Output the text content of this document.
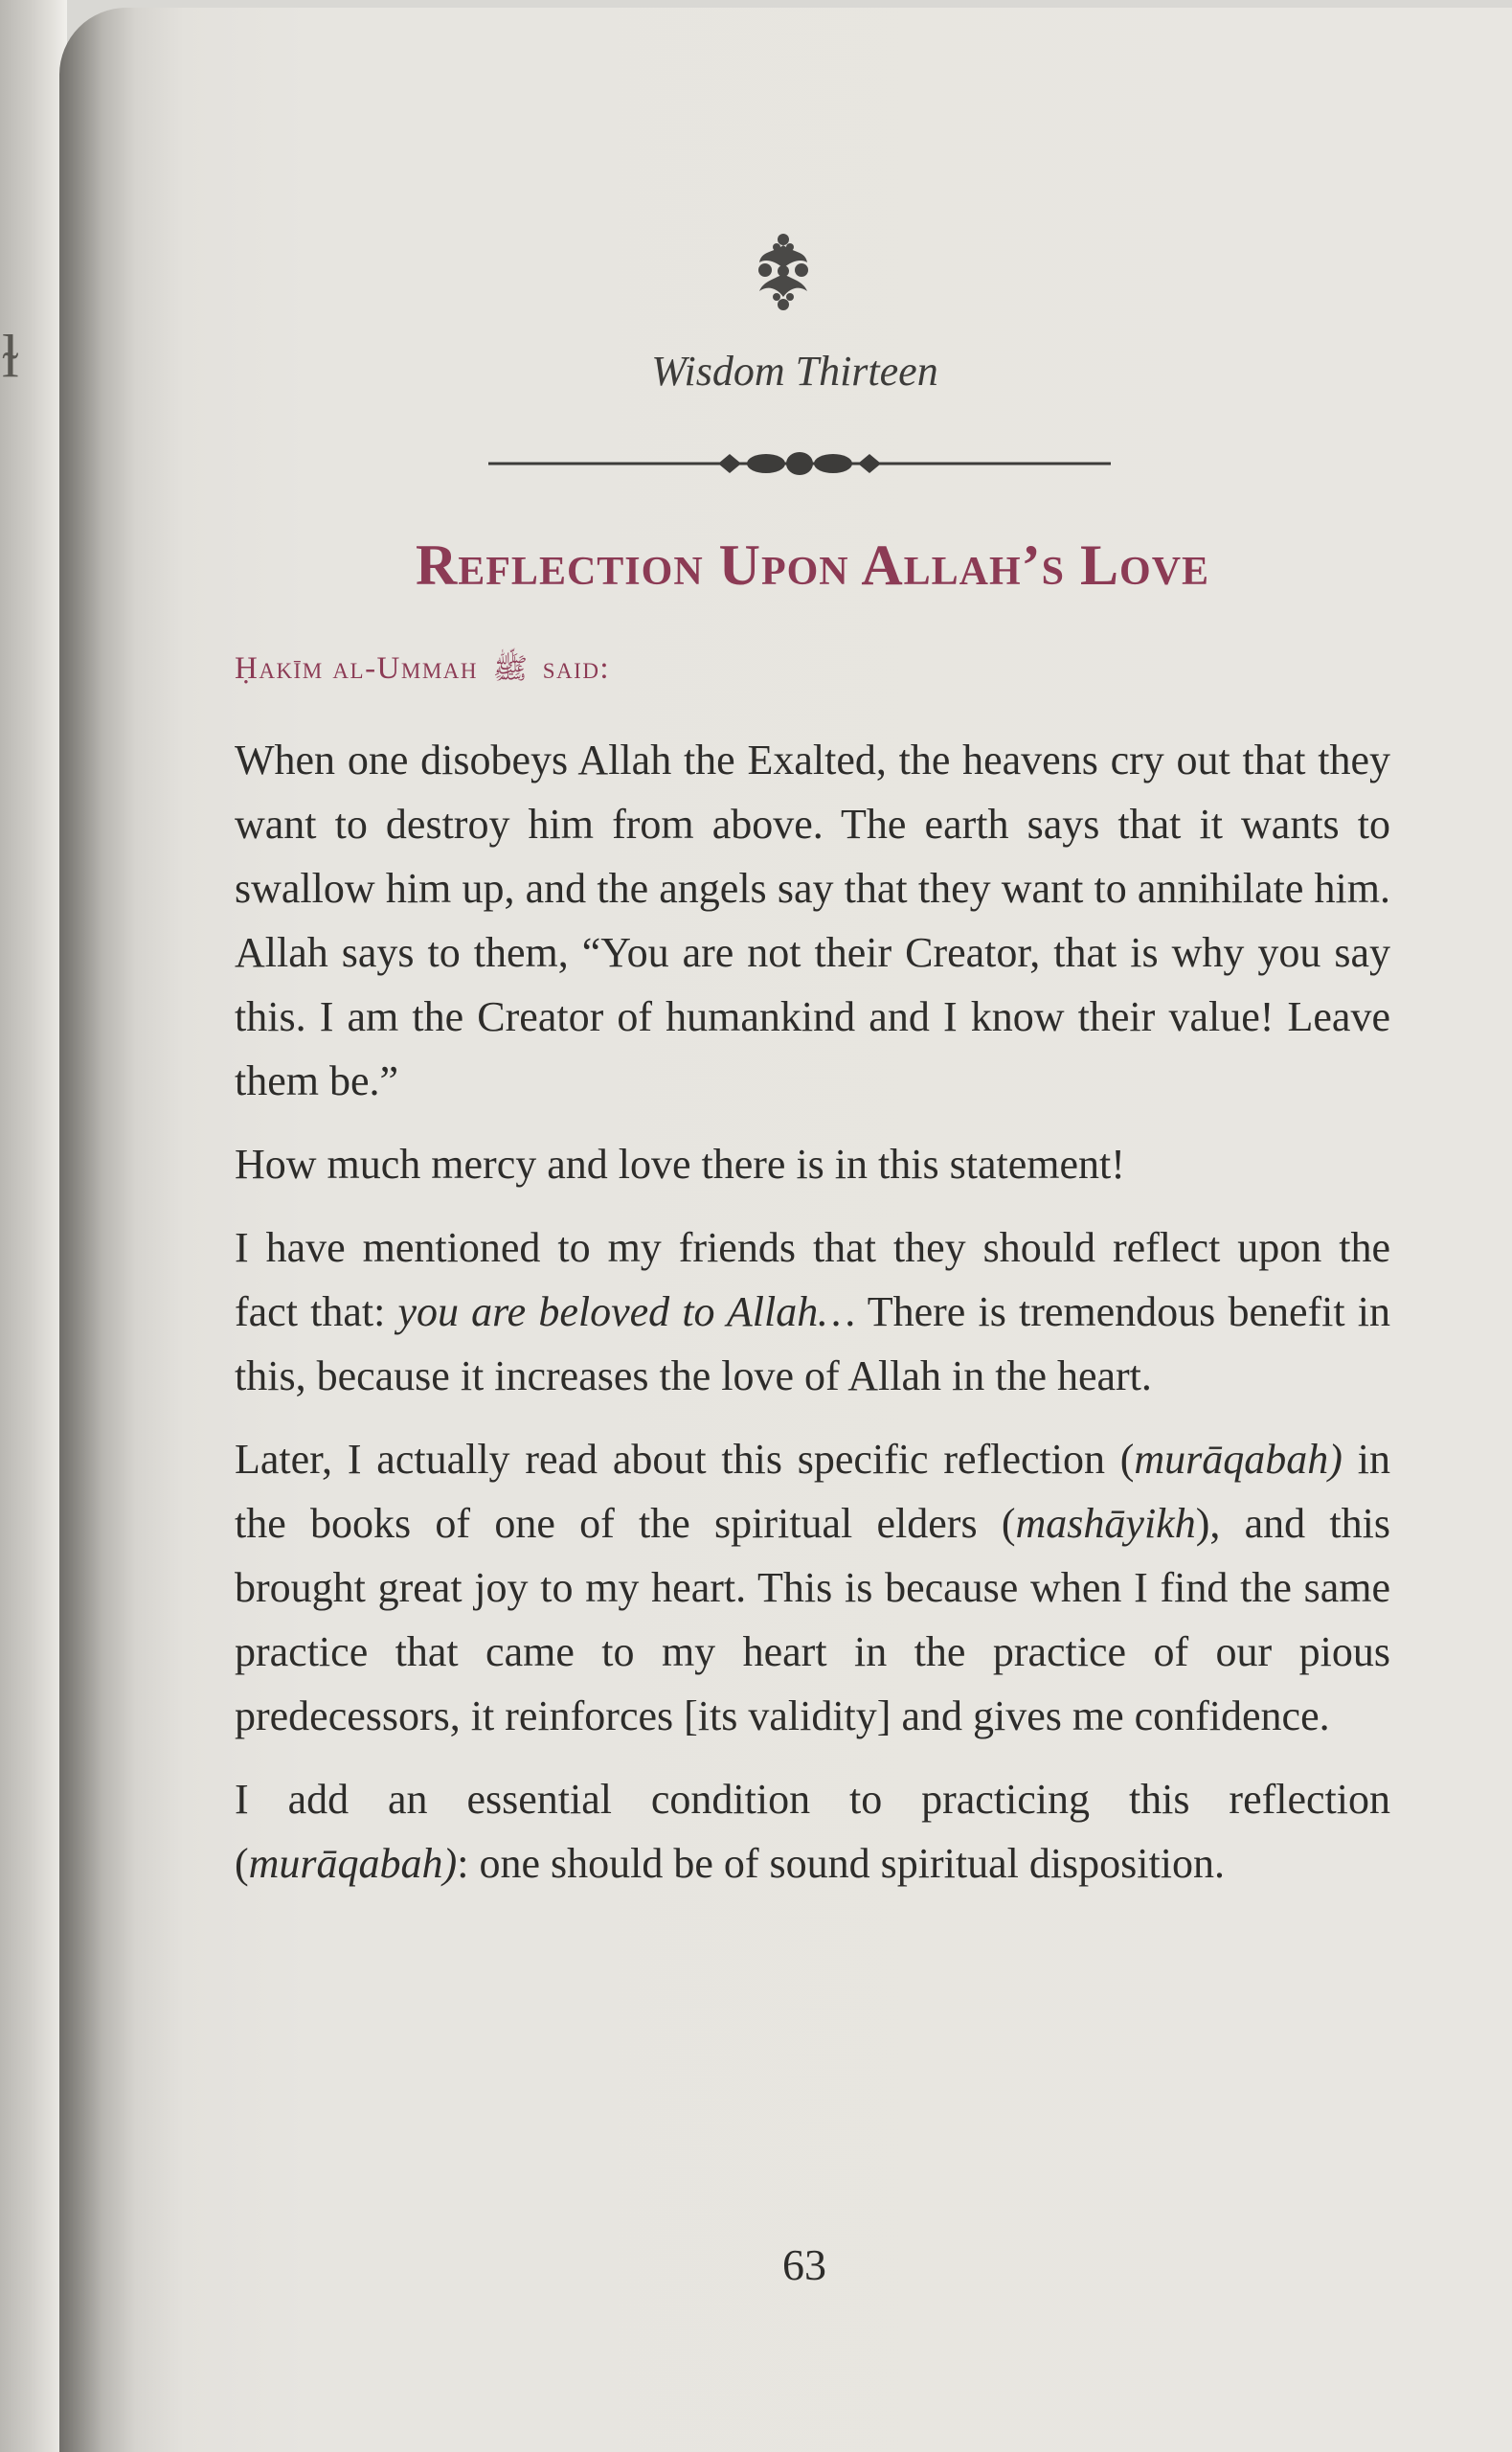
ɫ	Wisdom Thirteen
Reflection Upon Allah’s Love
Ḥakīm al-Ummah ﷺ said:

When one disobeys Allah the Exalted, the heavens cry out that they want to destroy him from above. The earth says that it wants to swallow him up, and the angels say that they want to annihilate him. Allah says to them, “You are not their Creator, that is why you say this. I am the Creator of humankind and I know their value! Leave them be.”

How much mercy and love there is in this statement!

I have mentioned to my friends that they should reflect upon the fact that: you are beloved to Allah… There is tremendous benefit in this, because it increases the love of Allah in the heart.

Later, I actually read about this specific reflection (murāqabah) in the books of one of the spiritual elders (mashāyikh), and this brought great joy to my heart. This is because when I find the same practice that came to my heart in the practice of our pious predecessors, it reinforces [its validity] and gives me confidence.

I add an essential condition to practicing this reflection (murāqabah): one should be of sound spiritual disposition.

63
